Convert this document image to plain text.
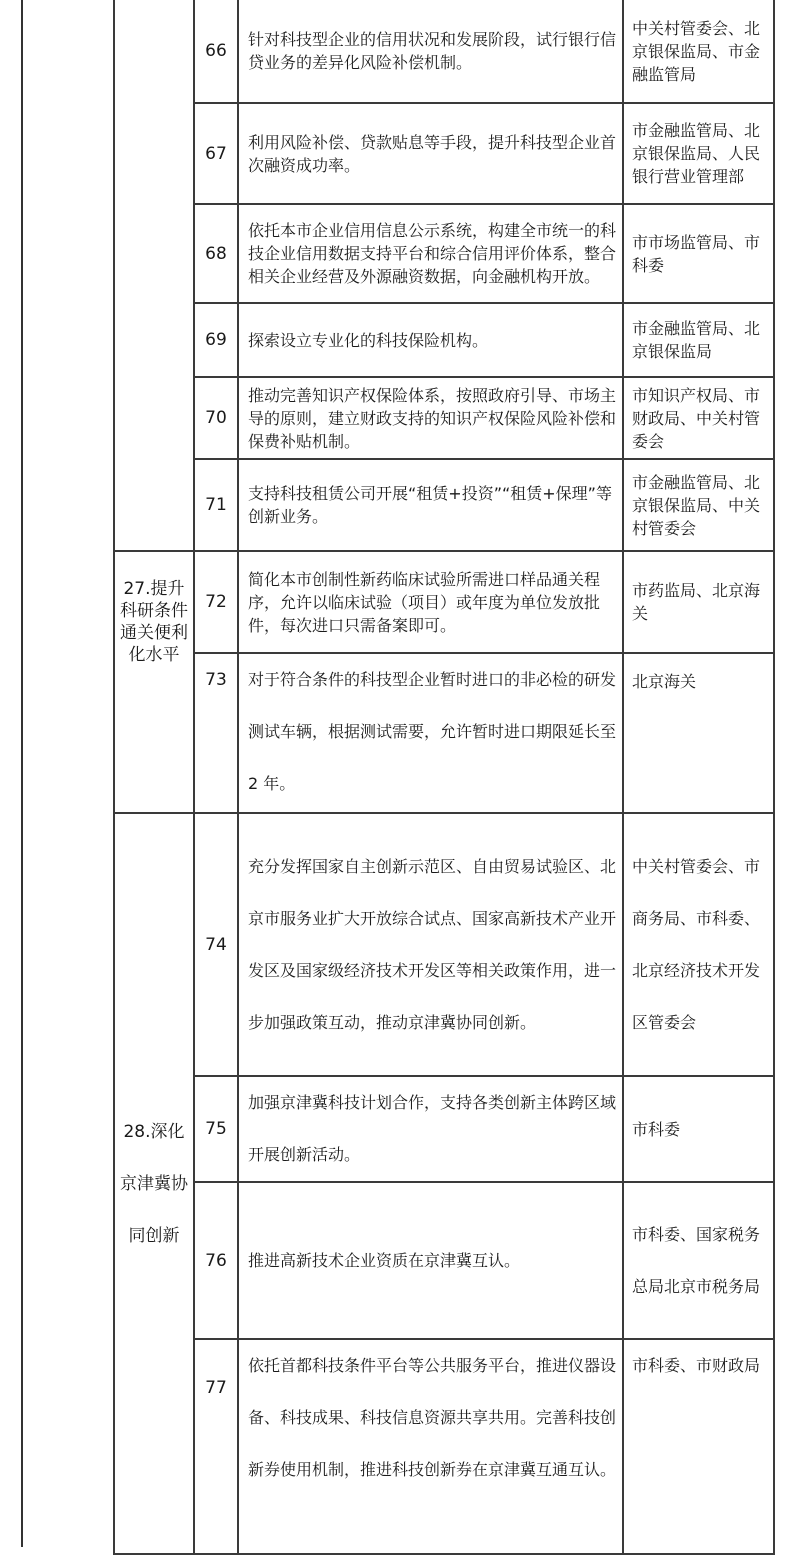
	66	针对科技型企业的信用状况和发展阶段，试行银行信贷业务的差异化风险补偿机制。	中关村管委会、北京银保监局、市金融监管局
	67	利用风险补偿、贷款贴息等手段，提升科技型企业首次融资成功率。	市金融监管局、北京银保监局、人民银行营业管理部
	68	依托本市企业信用信息公示系统，构建全市统一的科技企业信用数据支持平台和综合信用评价体系，整合相关企业经营及外源融资数据，向金融机构开放。	市市场监管局、市科委
	69	探索设立专业化的科技保险机构。	市金融监管局、北京银保监局
	70	推动完善知识产权保险体系，按照政府引导、市场主导的原则，建立财政支持的知识产权保险风险补偿和保费补贴机制。	市知识产权局、市财政局、中关村管委会
	71	支持科技租赁公司开展“租赁+投资”“租赁+保理”等创新业务。	市金融监管局、北京银保监局、中关村管委会
27.提升科研条件通关便利化水平	72	简化本市创制性新药临床试验所需进口样品通关程序，允许以临床试验（项目）或年度为单位发放批件，每次进口只需备案即可。	市药监局、北京海关
	73	对于符合条件的科技型企业暂时进口的非必检的研发测试车辆，根据测试需要，允许暂时进口期限延长至 2 年。	北京海关
28.深化京津冀协同创新	74	充分发挥国家自主创新示范区、自由贸易试验区、北京市服务业扩大开放综合试点、国家高新技术产业开发区及国家级经济技术开发区等相关政策作用，进一步加强政策互动，推动京津冀协同创新。	中关村管委会、市商务局、市科委、北京经济技术开发区管委会
	75	加强京津冀科技计划合作，支持各类创新主体跨区域开展创新活动。	市科委
	76	推进高新技术企业资质在京津冀互认。	市科委、国家税务总局北京市税务局
	77	依托首都科技条件平台等公共服务平台，推进仪器设备、科技成果、科技信息资源共享共用。完善科技创新券使用机制，推进科技创新券在京津冀互通互认。	市科委、市财政局
